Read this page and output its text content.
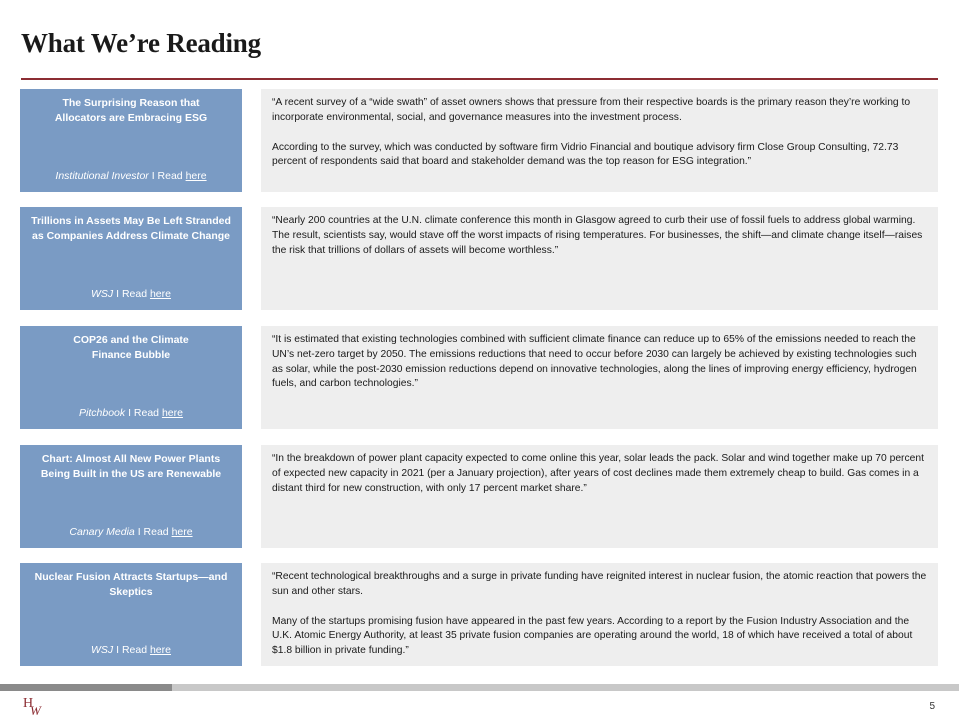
What We’re Reading
The Surprising Reason that
Allocators are Embracing ESG
Institutional Investor I Read here

“A recent survey of a “wide swath” of asset owners shows that pressure from their respective boards is the primary reason they’re working to incorporate environmental, social, and governance measures into the investment process.

According to the survey, which was conducted by software firm Vidrio Financial and boutique advisory firm Close Group Consulting, 72.73 percent of respondents said that board and stakeholder demand was the top reason for ESG integration.”

Trillions in Assets May Be Left Stranded
as Companies Address Climate Change
WSJ I Read here

“Nearly 200 countries at the U.N. climate conference this month in Glasgow agreed to curb their use of fossil fuels to address global warming. The result, scientists say, would stave off the worst impacts of rising temperatures. For businesses, the shift—and climate change itself—raises the risk that trillions of dollars of assets will become worthless.”

COP26 and the Climate
Finance Bubble
Pitchbook I Read here

“It is estimated that existing technologies combined with sufficient climate finance can reduce up to 65% of the emissions needed to reach the UN’s net-zero target by 2050. The emissions reductions that need to occur before 2030 can largely be achieved by existing technologies such as solar, while the post-2030 emission reductions depend on innovative technologies, along the lines of improving energy efficiency, hydrogen fuels, and carbon technologies.”

Chart: Almost All New Power Plants
Being Built in the US are Renewable
Canary Media I Read here

“In the breakdown of power plant capacity expected to come online this year, solar leads the pack. Solar and wind together make up 70 percent of expected new capacity in 2021 (per a January projection), after years of cost declines made them extremely cheap to build. Gas comes in a distant third for new construction, with only 17 percent market share.”

Nuclear Fusion Attracts Startups—and
Skeptics
WSJ I Read here

“Recent technological breakthroughs and a surge in private funding have reignited interest in nuclear fusion, the atomic reaction that powers the sun and other stars.

Many of the startups promising fusion have appeared in the past few years. According to a report by the Fusion Industry Association and the U.K. Atomic Energy Authority, at least 35 private fusion companies are operating around the world, 18 of which have received a total of about $1.8 billion in private funding.”

H
W	5
